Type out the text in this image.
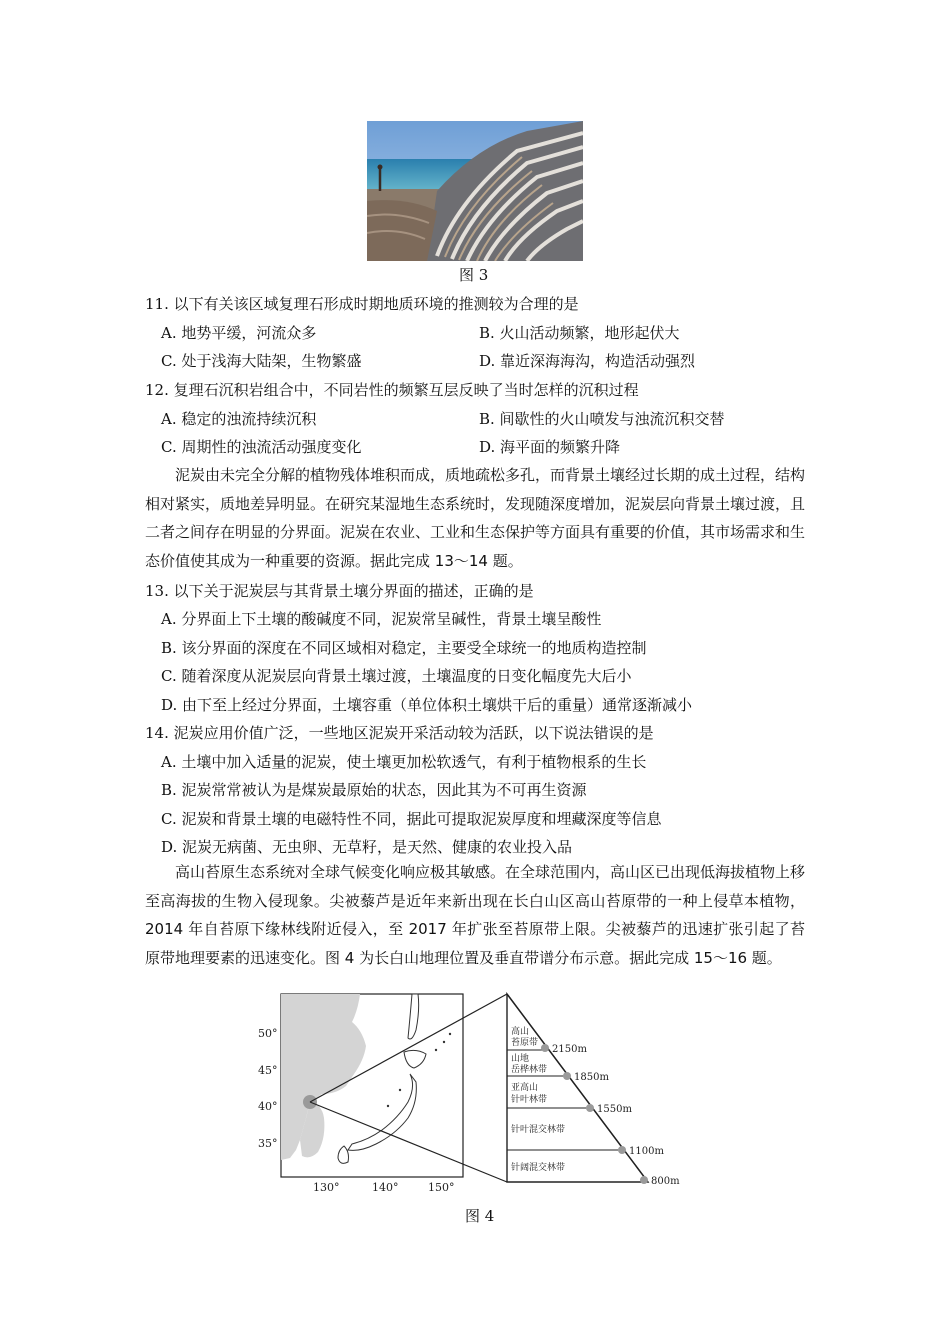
图 3
11. 以下有关该区域复理石形成时期地质环境的推测较为合理的是
A. 地势平缓，河流众多	B. 火山活动频繁，地形起伏大
C. 处于浅海大陆架，生物繁盛	D. 靠近深海海沟，构造活动强烈
12. 复理石沉积岩组合中，不同岩性的频繁互层反映了当时怎样的沉积过程
A. 稳定的浊流持续沉积	B. 间歇性的火山喷发与浊流沉积交替
C. 周期性的浊流活动强度变化	D. 海平面的频繁升降
泥炭由未完全分解的植物残体堆积而成，质地疏松多孔，而背景土壤经过长期的成土过程，结构相对紧实，质地差异明显。在研究某湿地生态系统时，发现随深度增加，泥炭层向背景土壤过渡，且二者之间存在明显的分界面。泥炭在农业、工业和生态保护等方面具有重要的价值，其市场需求和生态价值使其成为一种重要的资源。据此完成 13～14 题。
13. 以下关于泥炭层与其背景土壤分界面的描述，正确的是
A. 分界面上下土壤的酸碱度不同，泥炭常呈碱性，背景土壤呈酸性
B. 该分界面的深度在不同区域相对稳定，主要受全球统一的地质构造控制
C. 随着深度从泥炭层向背景土壤过渡，土壤温度的日变化幅度先大后小
D. 由下至上经过分界面，土壤容重（单位体积土壤烘干后的重量）通常逐渐减小
14. 泥炭应用价值广泛，一些地区泥炭开采活动较为活跃，以下说法错误的是
A. 土壤中加入适量的泥炭，使土壤更加松软透气，有利于植物根系的生长
B. 泥炭常常被认为是煤炭最原始的状态，因此其为不可再生资源
C. 泥炭和背景土壤的电磁特性不同，据此可提取泥炭厚度和埋藏深度等信息
D. 泥炭无病菌、无虫卵、无草籽，是天然、健康的农业投入品
高山苔原生态系统对全球气候变化响应极其敏感。在全球范围内，高山区已出现低海拔植物上移至高海拔的生物入侵现象。尖被藜芦是近年来新出现在长白山区高山苔原带的一种上侵草本植物，2014 年自苔原下缘林线附近侵入，至 2017 年扩张至苔原带上限。尖被藜芦的迅速扩张引起了苔原带地理要素的迅速变化。图 4 为长白山地理位置及垂直带谱分布示意。据此完成 15～16 题。
50°
45°
40°
35°
130°	140°	150°
高山
苔原带
山地
岳桦林带
亚高山
针叶林带
针叶混交林带
针阔混交林带
2150m
1850m
1550m
1100m
800m
图 4
